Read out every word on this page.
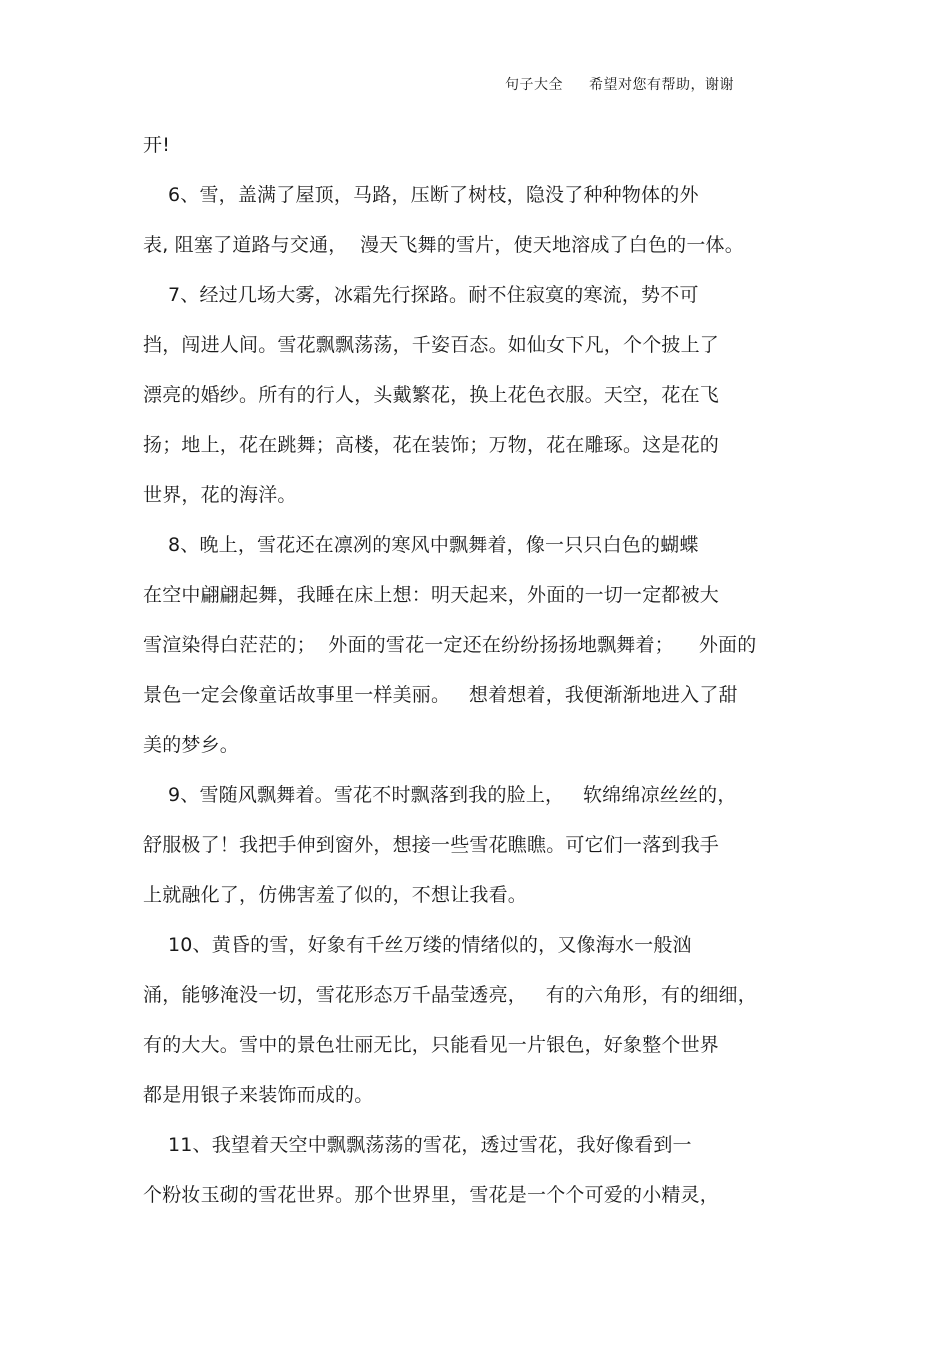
句子大全 希望对您有帮助，谢谢
开!
6、雪，盖满了屋顶，马路，压断了树枝，隐没了种种物体的外
表, 阻塞了道路与交通，  漫天飞舞的雪片，使天地溶成了白色的一体。
7、经过几场大雾，冰霜先行探路。耐不住寂寞的寒流，势不可
挡，闯进人间。雪花飘飘荡荡，千姿百态。如仙女下凡，个个披上了
漂亮的婚纱。所有的行人，头戴繁花，换上花色衣服。天空，花在飞
扬；地上，花在跳舞；高楼，花在装饰；万物，花在雕琢。这是花的
世界，花的海洋。
8、晚上，雪花还在凛冽的寒风中飘舞着，像一只只白色的蝴蝶
在空中翩翩起舞，我睡在床上想：明天起来，外面的一切一定都被大
雪渲染得白茫茫的；  外面的雪花一定还在纷纷扬扬地飘舞着；    外面的
景色一定会像童话故事里一样美丽。   想着想着，我便渐渐地进入了甜
美的梦乡。
9、雪随风飘舞着。雪花不时飘落到我的脸上，   软绵绵凉丝丝的，
舒服极了！我把手伸到窗外，想接一些雪花瞧瞧。可它们一落到我手
上就融化了，仿佛害羞了似的，不想让我看。
10、黄昏的雪，好象有千丝万缕的情绪似的，又像海水一般汹
涌，能够淹没一切，雪花形态万千晶莹透亮，   有的六角形，有的细细，
有的大大。雪中的景色壮丽无比，只能看见一片银色，好象整个世界
都是用银子来装饰而成的。
11、我望着天空中飘飘荡荡的雪花，透过雪花，我好像看到一
个粉妆玉砌的雪花世界。那个世界里，雪花是一个个可爱的小精灵，
